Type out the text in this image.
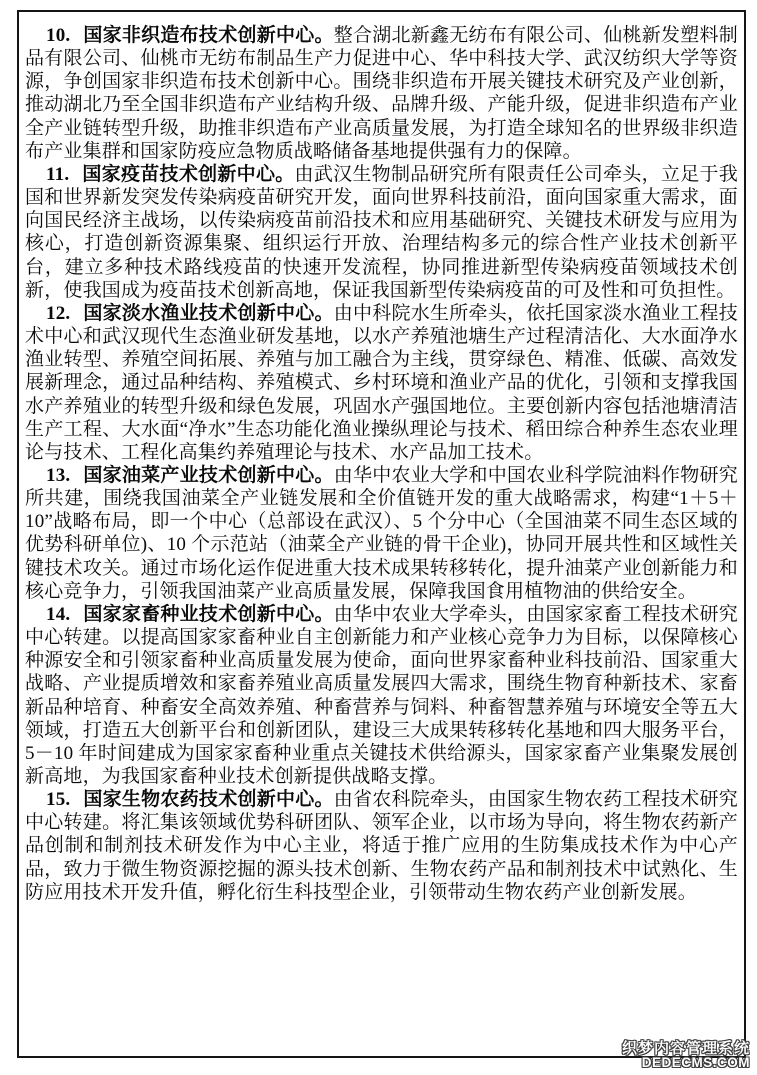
10. 国家非织造布技术创新中心。整合湖北新鑫无纺布有限公司、仙桃新发塑料制品有限公司、仙桃市无纺布制品生产力促进中心、华中科技大学、武汉纺织大学等资源，争创国家非织造布技术创新中心。围绕非织造布开展关键技术研究及产业创新，推动湖北乃至全国非织造布产业结构升级、品牌升级、产能升级，促进非织造布产业全产业链转型升级，助推非织造布产业高质量发展，为打造全球知名的世界级非织造布产业集群和国家防疫应急物质战略储备基地提供强有力的保障。

11. 国家疫苗技术创新中心。由武汉生物制品研究所有限责任公司牵头，立足于我国和世界新发突发传染病疫苗研究开发，面向世界科技前沿，面向国家重大需求，面向国民经济主战场，以传染病疫苗前沿技术和应用基础研究、关键技术研发与应用为核心，打造创新资源集聚、组织运行开放、治理结构多元的综合性产业技术创新平台，建立多种技术路线疫苗的快速开发流程，协同推进新型传染病疫苗领域技术创新，使我国成为疫苗技术创新高地，保证我国新型传染病疫苗的可及性和可负担性。

12. 国家淡水渔业技术创新中心。由中科院水生所牵头，依托国家淡水渔业工程技术中心和武汉现代生态渔业研发基地，以水产养殖池塘生产过程清洁化、大水面净水渔业转型、养殖空间拓展、养殖与加工融合为主线，贯穿绿色、精准、低碳、高效发展新理念，通过品种结构、养殖模式、乡村环境和渔业产品的优化，引领和支撑我国水产养殖业的转型升级和绿色发展，巩固水产强国地位。主要创新内容包括池塘清洁生产工程、大水面“净水”生态功能化渔业操纵理论与技术、稻田综合种养生态农业理论与技术、工程化高集约养殖理论与技术、水产品加工技术。

13. 国家油菜产业技术创新中心。由华中农业大学和中国农业科学院油料作物研究所共建，围绕我国油菜全产业链发展和全价值链开发的重大战略需求，构建“1＋5＋10”战略布局，即一个中心（总部设在武汉）、5 个分中心（全国油菜不同生态区域的优势科研单位)、10 个示范站（油菜全产业链的骨干企业)，协同开展共性和区域性关键技术攻关。通过市场化运作促进重大技术成果转移转化，提升油菜产业创新能力和核心竞争力，引领我国油菜产业高质量发展，保障我国食用植物油的供给安全。

14. 国家家畜种业技术创新中心。由华中农业大学牵头，由国家家畜工程技术研究中心转建。以提高国家家畜种业自主创新能力和产业核心竞争力为目标，以保障核心种源安全和引领家畜种业高质量发展为使命，面向世界家畜种业科技前沿、国家重大战略、产业提质增效和家畜养殖业高质量发展四大需求，围绕生物育种新技术、家畜新品种培育、种畜安全高效养殖、种畜营养与饲料、种畜智慧养殖与环境安全等五大领域，打造五大创新平台和创新团队，建设三大成果转移转化基地和四大服务平台，5－10 年时间建成为国家家畜种业重点关键技术供给源头，国家家畜产业集聚发展创新高地，为我国家畜种业技术创新提供战略支撑。

15. 国家生物农药技术创新中心。由省农科院牵头，由国家生物农药工程技术研究中心转建。将汇集该领域优势科研团队、领军企业，以市场为导向，将生物农药新产品创制和制剂技术研发作为中心主业，将适于推广应用的生防集成技术作为中心产品，致力于微生物资源挖掘的源头技术创新、生物农药产品和制剂技术中试熟化、生防应用技术开发升值，孵化衍生科技型企业，引领带动生物农药产业创新发展。

织梦内容管理系统
DEDECMS.COM
